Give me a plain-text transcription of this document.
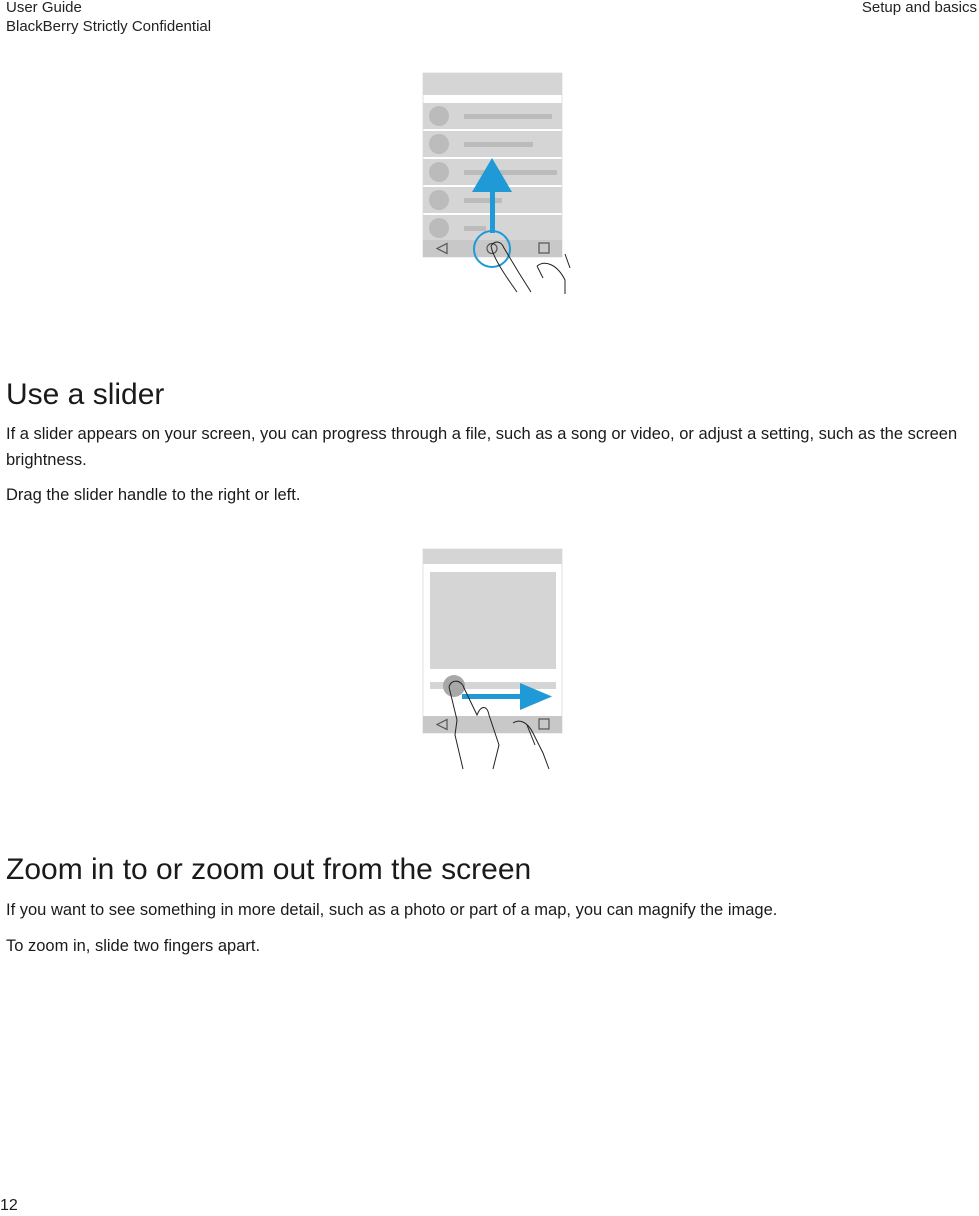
User Guide
BlackBerry Strictly Confidential
Setup and basics
Use a slider

If a slider appears on your screen, you can progress through a file, such as a song or video, or adjust a setting, such as the screen brightness.

Drag the slider handle to the right or left.

Zoom in to or zoom out from the screen

If you want to see something in more detail, such as a photo or part of a map, you can magnify the image.

To zoom in, slide two fingers apart.

12
